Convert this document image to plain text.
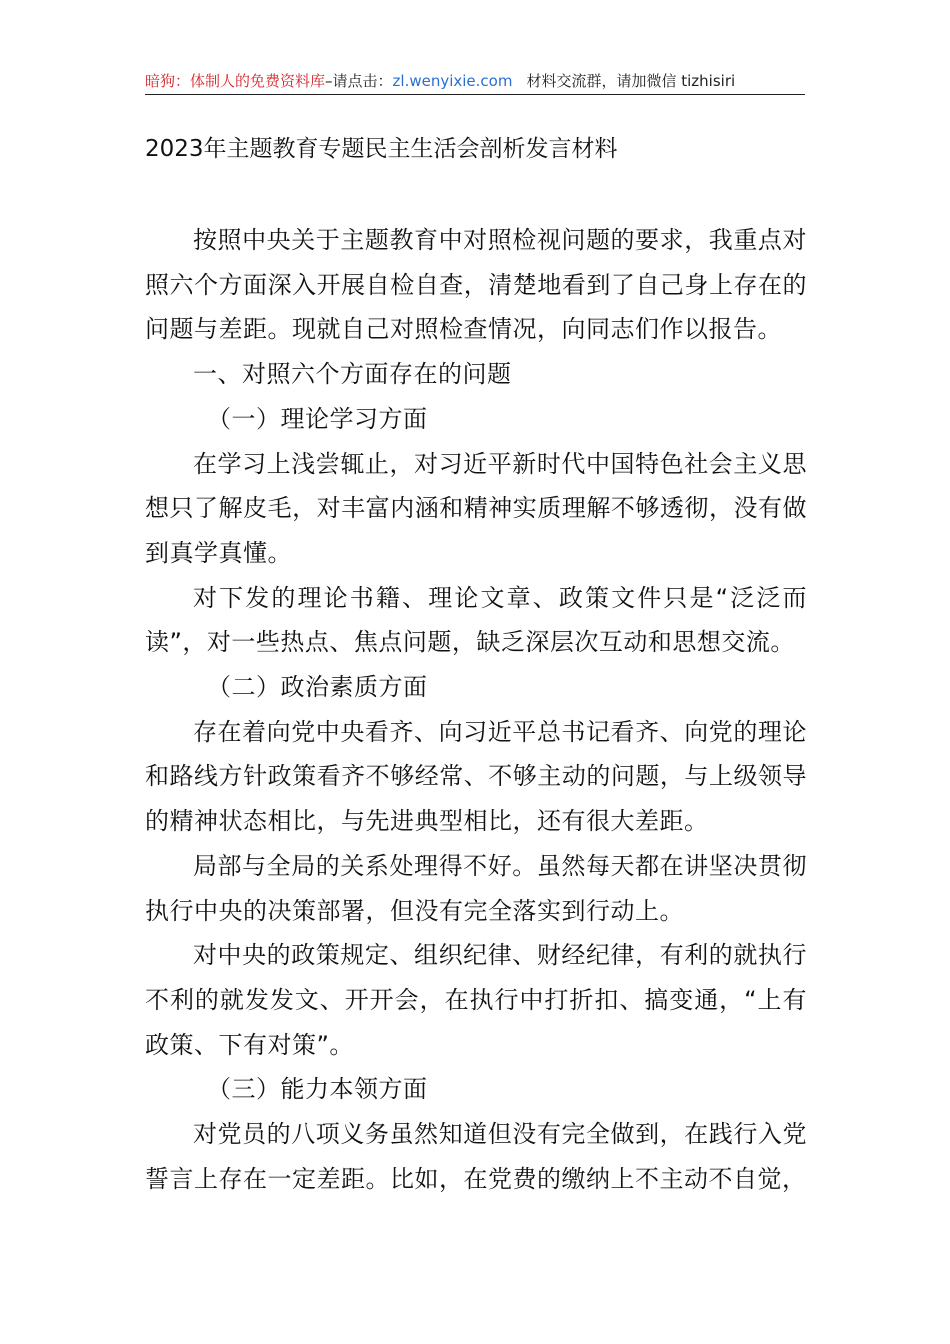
暗狗：体制人的免费资料库–请点击：zl.wenyixie.com 材料交流群，请加微信 tizhisiri
2023年主题教育专题民主生活会剖析发言材料

按照中央关于主题教育中对照检视问题的要求，我重点对照六个方面深入开展自检自查，清楚地看到了自己身上存在的问题与差距。现就自己对照检查情况，向同志们作以报告。

一、对照六个方面存在的问题

（一）理论学习方面

在学习上浅尝辄止，对习近平新时代中国特色社会主义思想只了解皮毛，对丰富内涵和精神实质理解不够透彻，没有做到真学真懂。

对下发的理论书籍、理论文章、政策文件只是“泛泛而读”，对一些热点、焦点问题，缺乏深层次互动和思想交流。

（二）政治素质方面

存在着向党中央看齐、向习近平总书记看齐、向党的理论和路线方针政策看齐不够经常、不够主动的问题，与上级领导的精神状态相比，与先进典型相比，还有很大差距。

局部与全局的关系处理得不好。虽然每天都在讲坚决贯彻执行中央的决策部署，但没有完全落实到行动上。

对中央的政策规定、组织纪律、财经纪律，有利的就执行不利的就发发文、开开会，在执行中打折扣、搞变通，“上有政策、下有对策”。

（三）能力本领方面

对党员的八项义务虽然知道但没有完全做到，在践行入党誓言上存在一定差距。比如，在党费的缴纳上不主动不自觉，
